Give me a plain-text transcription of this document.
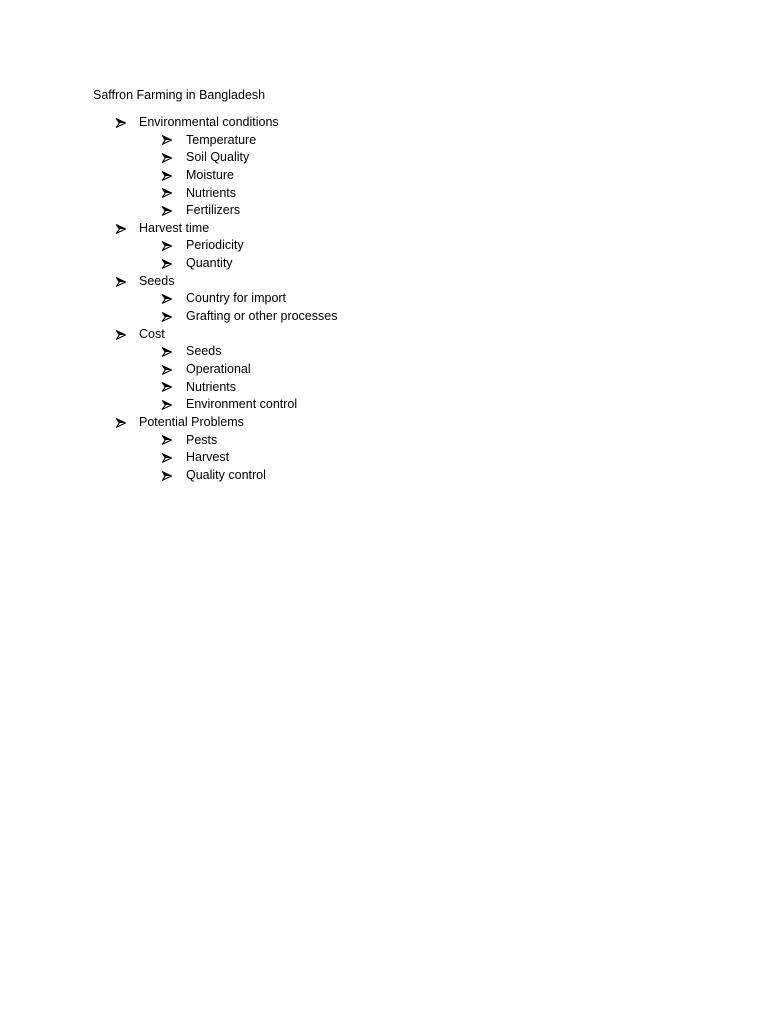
Saffron Farming in Bangladesh
Environmental conditions
Temperature
Soil Quality
Moisture
Nutrients
Fertilizers
Harvest time
Periodicity
Quantity
Seeds
Country for import
Grafting or other processes
Cost
Seeds
Operational
Nutrients
Environment control
Potential Problems
Pests
Harvest
Quality control
